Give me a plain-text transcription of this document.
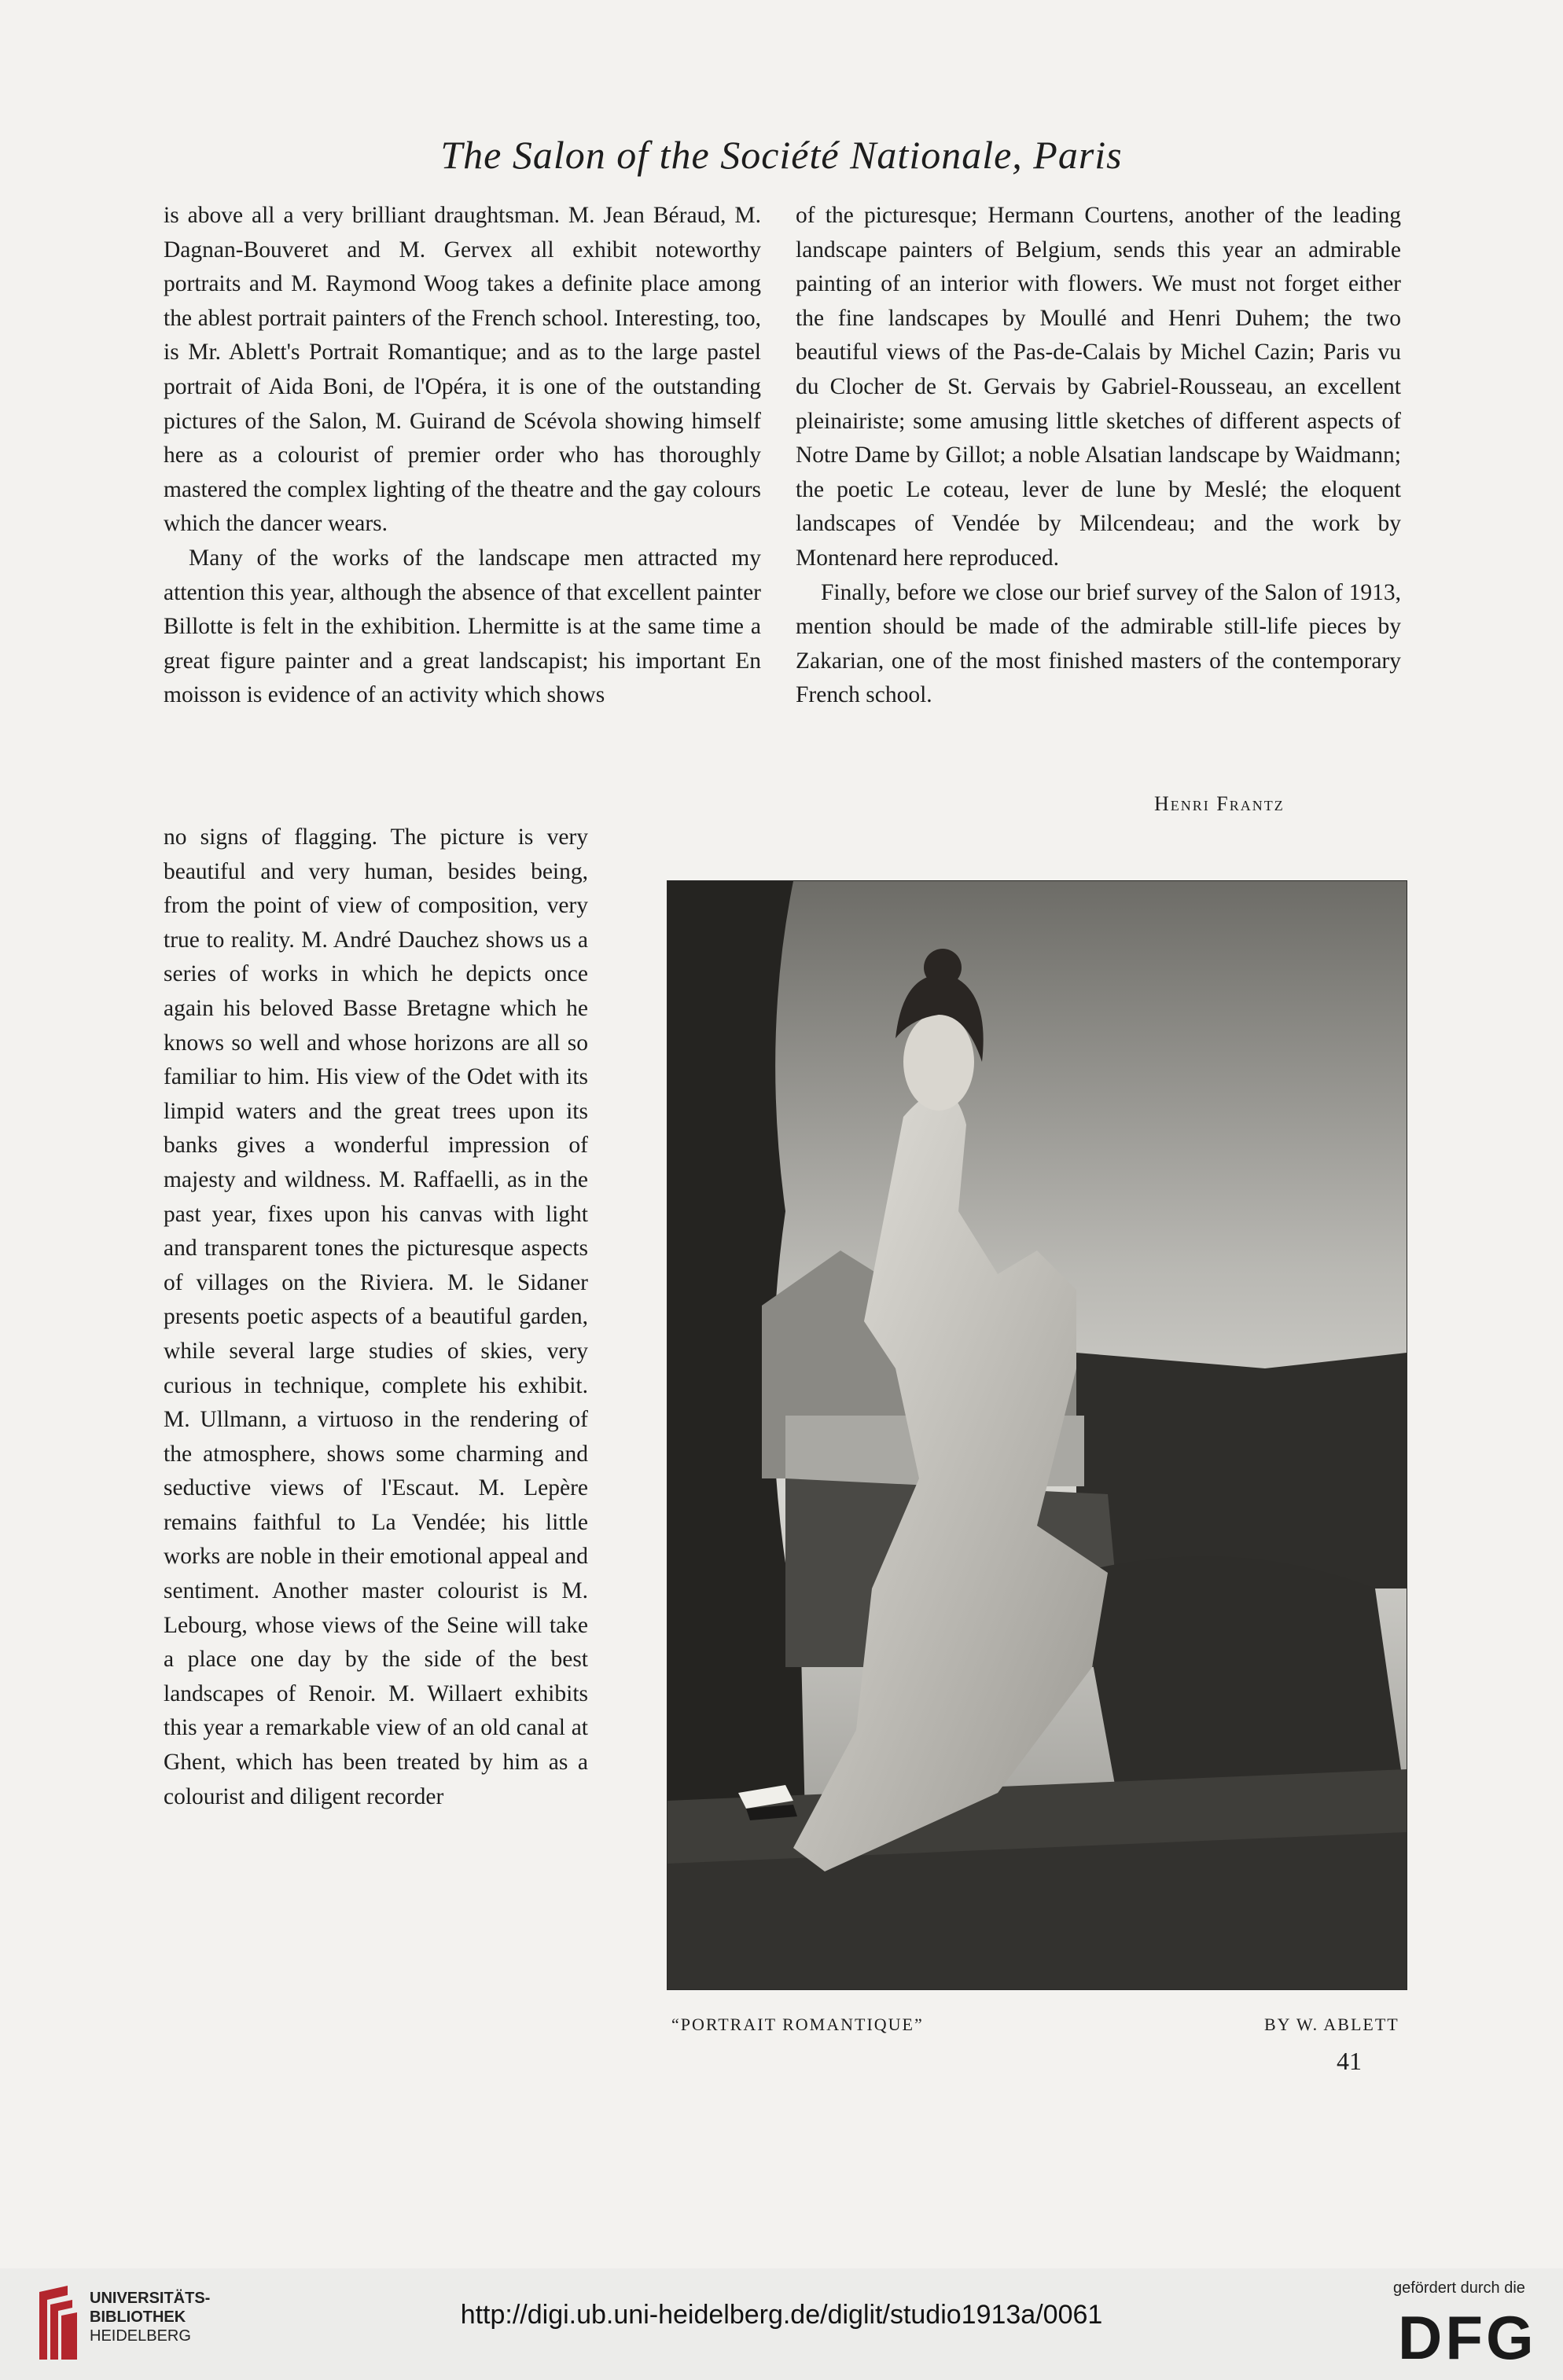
The Salon of the Société Nationale, Paris

is above all a very brilliant draughtsman. M. Jean Béraud, M. Dagnan-Bouveret and M. Gervex all exhibit noteworthy portraits and M. Raymond Woog takes a definite place among the ablest portrait painters of the French school. Interesting, too, is Mr. Ablett's Portrait Romantique; and as to the large pastel portrait of Aida Boni, de l'Opéra, it is one of the outstanding pictures of the Salon, M. Guirand de Scévola showing himself here as a colourist of premier order who has thoroughly mastered the complex lighting of the theatre and the gay colours which the dancer wears.

Many of the works of the landscape men attracted my attention this year, although the absence of that excellent painter Billotte is felt in the exhibition. Lhermitte is at the same time a great figure painter and a great landscapist; his important En moisson is evidence of an activity which shows

no signs of flagging. The picture is very beautiful and very human, besides being, from the point of view of composition, very true to reality. M. André Dauchez shows us a series of works in which he depicts once again his beloved Basse Bretagne which he knows so well and whose horizons are all so familiar to him. His view of the Odet with its limpid waters and the great trees upon its banks gives a wonderful impression of majesty and wildness. M. Raffaelli, as in the past year, fixes upon his canvas with light and transparent tones the picturesque aspects of villages on the Riviera. M. le Sidaner presents poetic aspects of a beautiful garden, while several large studies of skies, very curious in technique, complete his exhibit. M. Ullmann, a virtuoso in the rendering of the atmosphere, shows some charming and seductive views of l'Escaut. M. Lepère remains faithful to La Vendée; his little works are noble in their emotional appeal and sentiment. Another master colourist is M. Lebourg, whose views of the Seine will take a place one day by the side of the best landscapes of Renoir. M. Willaert exhibits this year a remarkable view of an old canal at Ghent, which has been treated by him as a colourist and diligent recorder

of the picturesque; Hermann Courtens, another of the leading landscape painters of Belgium, sends this year an admirable painting of an interior with flowers. We must not forget either the fine landscapes by Moullé and Henri Duhem; the two beautiful views of the Pas-de-Calais by Michel Cazin; Paris vu du Clocher de St. Gervais by Gabriel-Rousseau, an excellent pleinairiste; some amusing little sketches of different aspects of Notre Dame by Gillot; a noble Alsatian landscape by Waidmann; the poetic Le coteau, lever de lune by Meslé; the eloquent landscapes of Vendée by Milcendeau; and the work by Montenard here reproduced.

Finally, before we close our brief survey of the Salon of 1913, mention should be made of the admirable still-life pieces by Zakarian, one of the most finished masters of the contemporary French school.

Henri Frantz
“PORTRAIT ROMANTIQUE”	BY W. ABLETT
41
UNIVERSITÄTS-
BIBLIOTHEK
HEIDELBERG
http://digi.ub.uni-heidelberg.de/diglit/studio1913a/0061
gefördert durch die
DFG
